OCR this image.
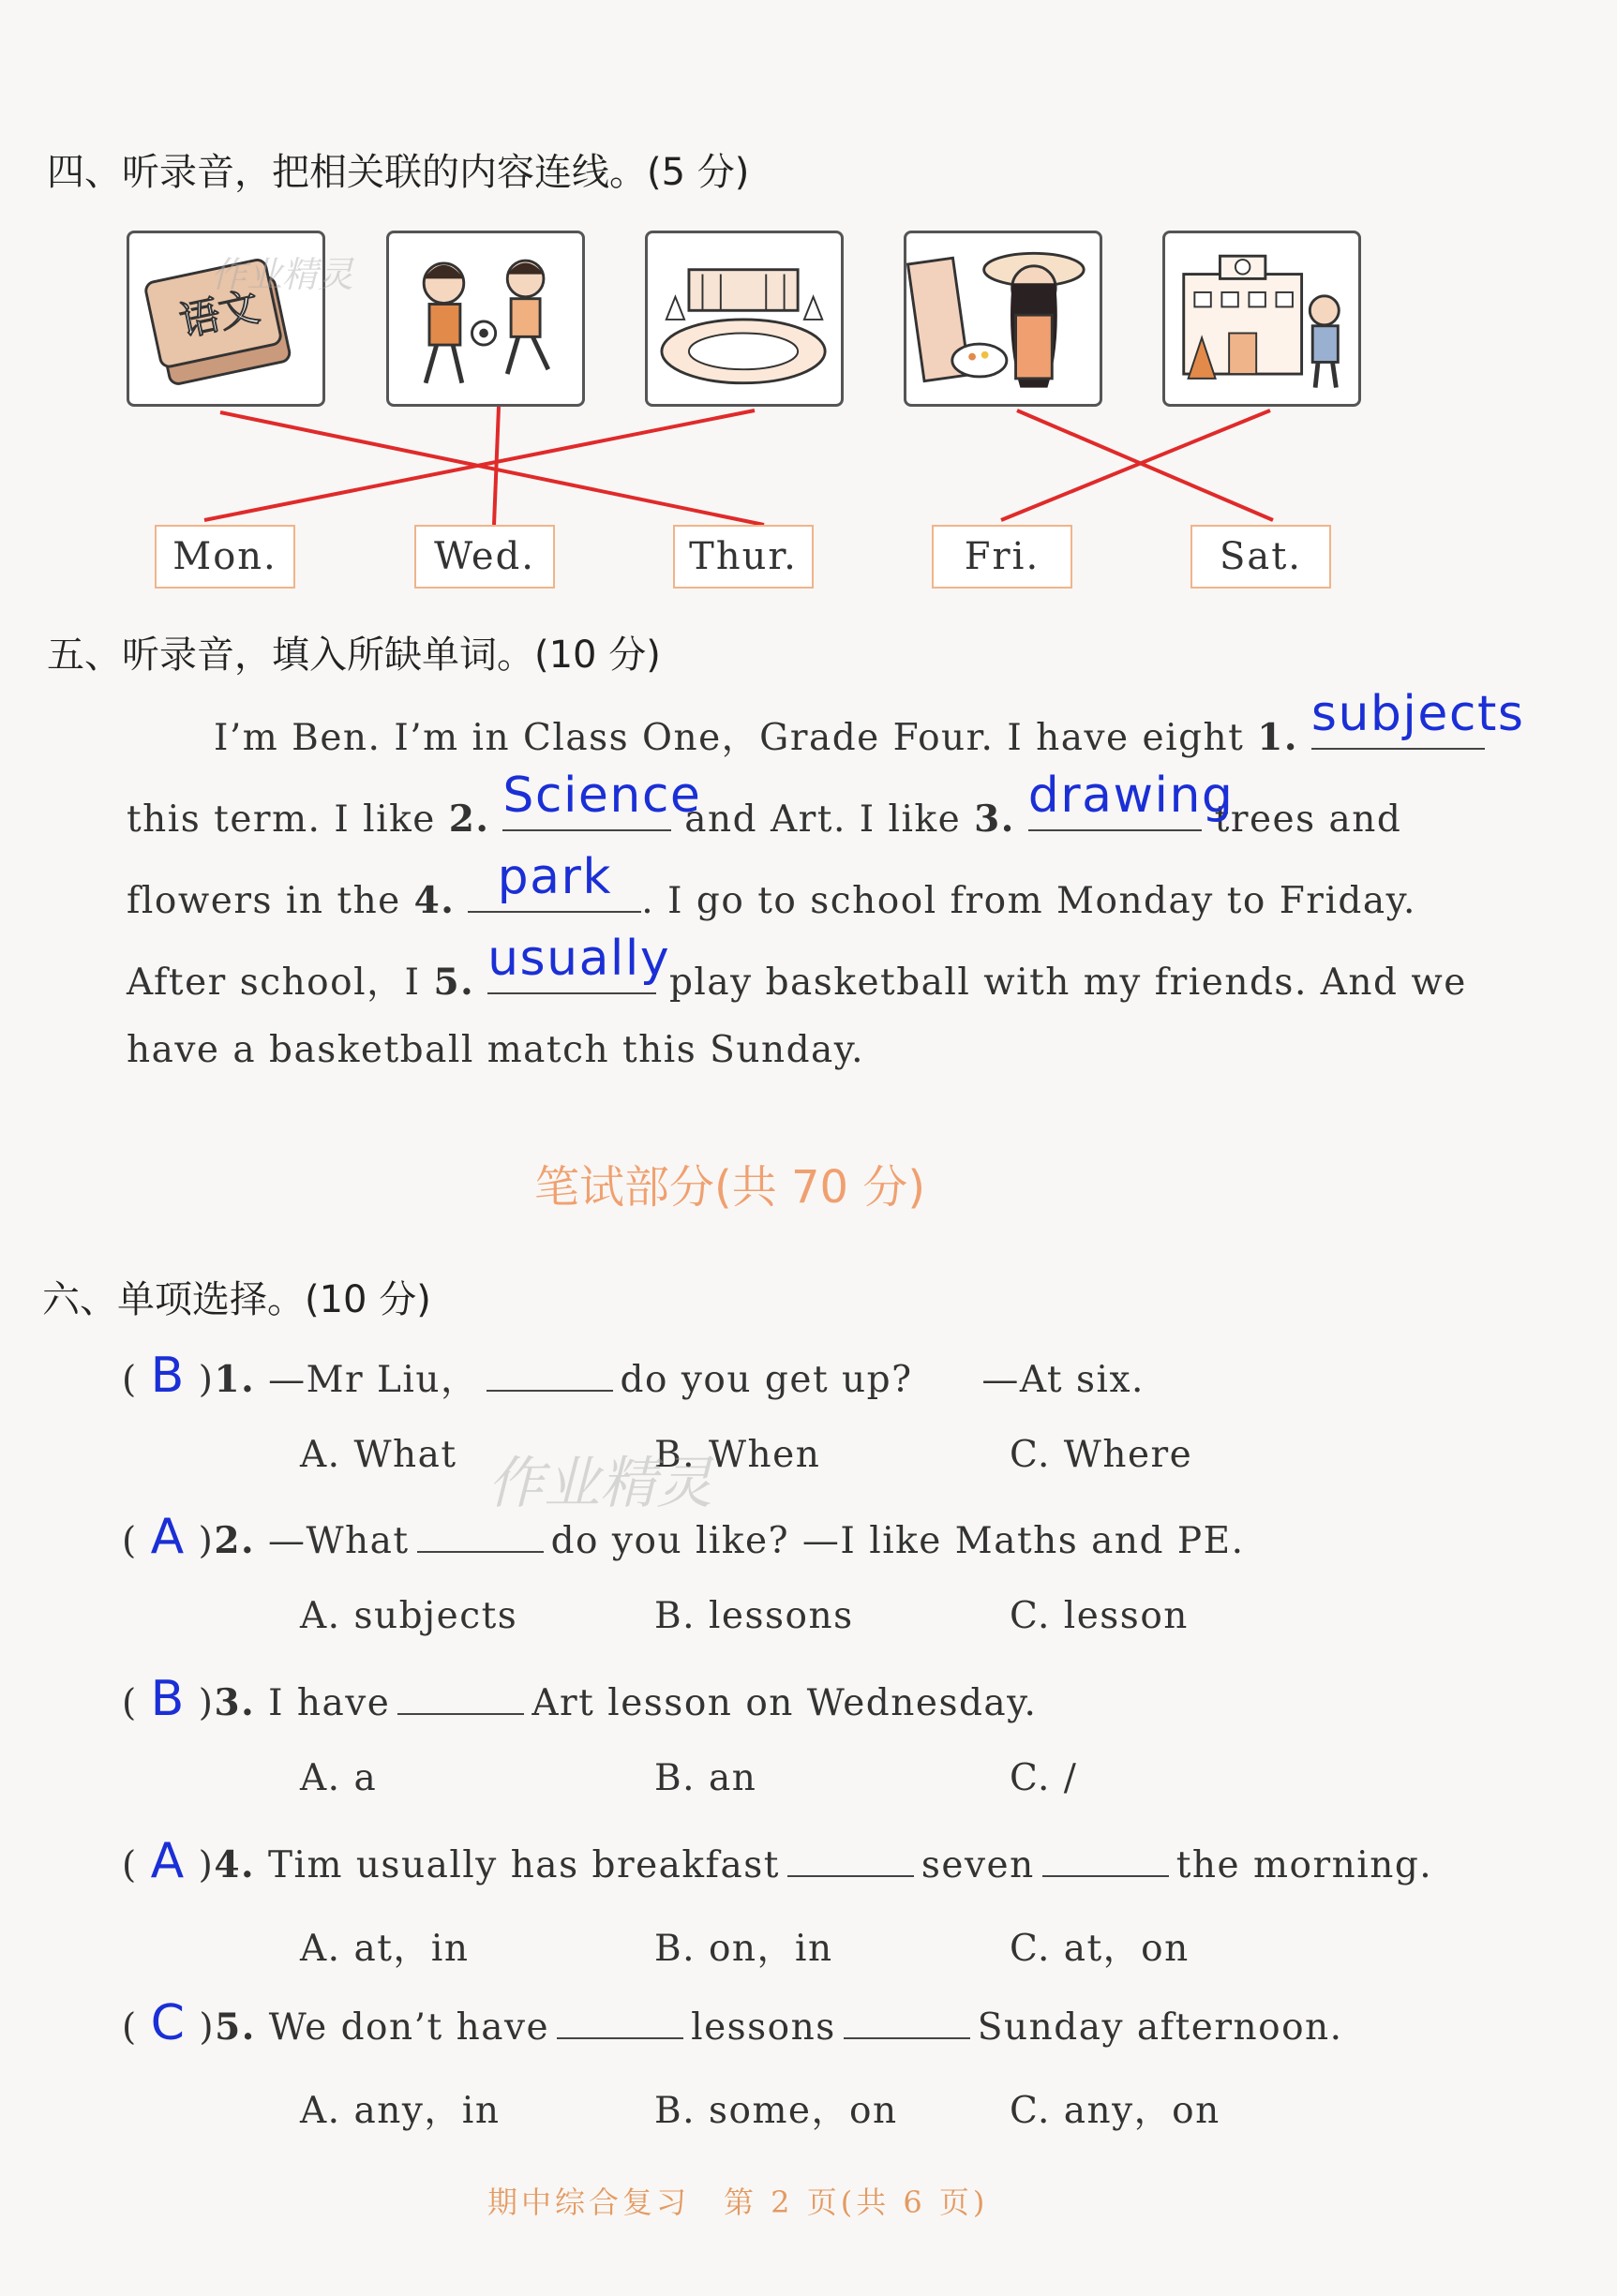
四、听录音，把相关联的内容连线。(5 分)
语文
作业精灵
Mon.	Wed.	Thur.	Fri.	Sat.
五、听录音，填入所缺单词。(10 分)
I’m Ben. I’m in Class One，Grade Four. I have eight 1. subjects
this term. I like 2. Science
and Art. I like 3. drawing
trees and
flowers in the 4. park . I go to school from Monday to Friday.
After school，I 5. usually
play basketball with my friends. And we
have a basketball match this Sunday.
笔试部分(共 70 分)
六、单项选择。(10 分)
( B )1. —Mr Liu，	do you get up? —At six.
A. What	B. When	C. Where
作业精灵
( A )2. —What	do you like? —I like Maths and PE.
A. subjects	B. lessons	C. lesson
( B )3. I have	Art lesson on Wednesday.
A. a	B. an	C. /
( A )4. Tim usually has breakfast	seven	the morning.
A. at，in	B. on，in	C. at，on
( C )5. We don’t have	lessons	Sunday afternoon.
A. any，in	B. some，on	C. any，on
期中综合复习　第 2 页(共 6 页)
